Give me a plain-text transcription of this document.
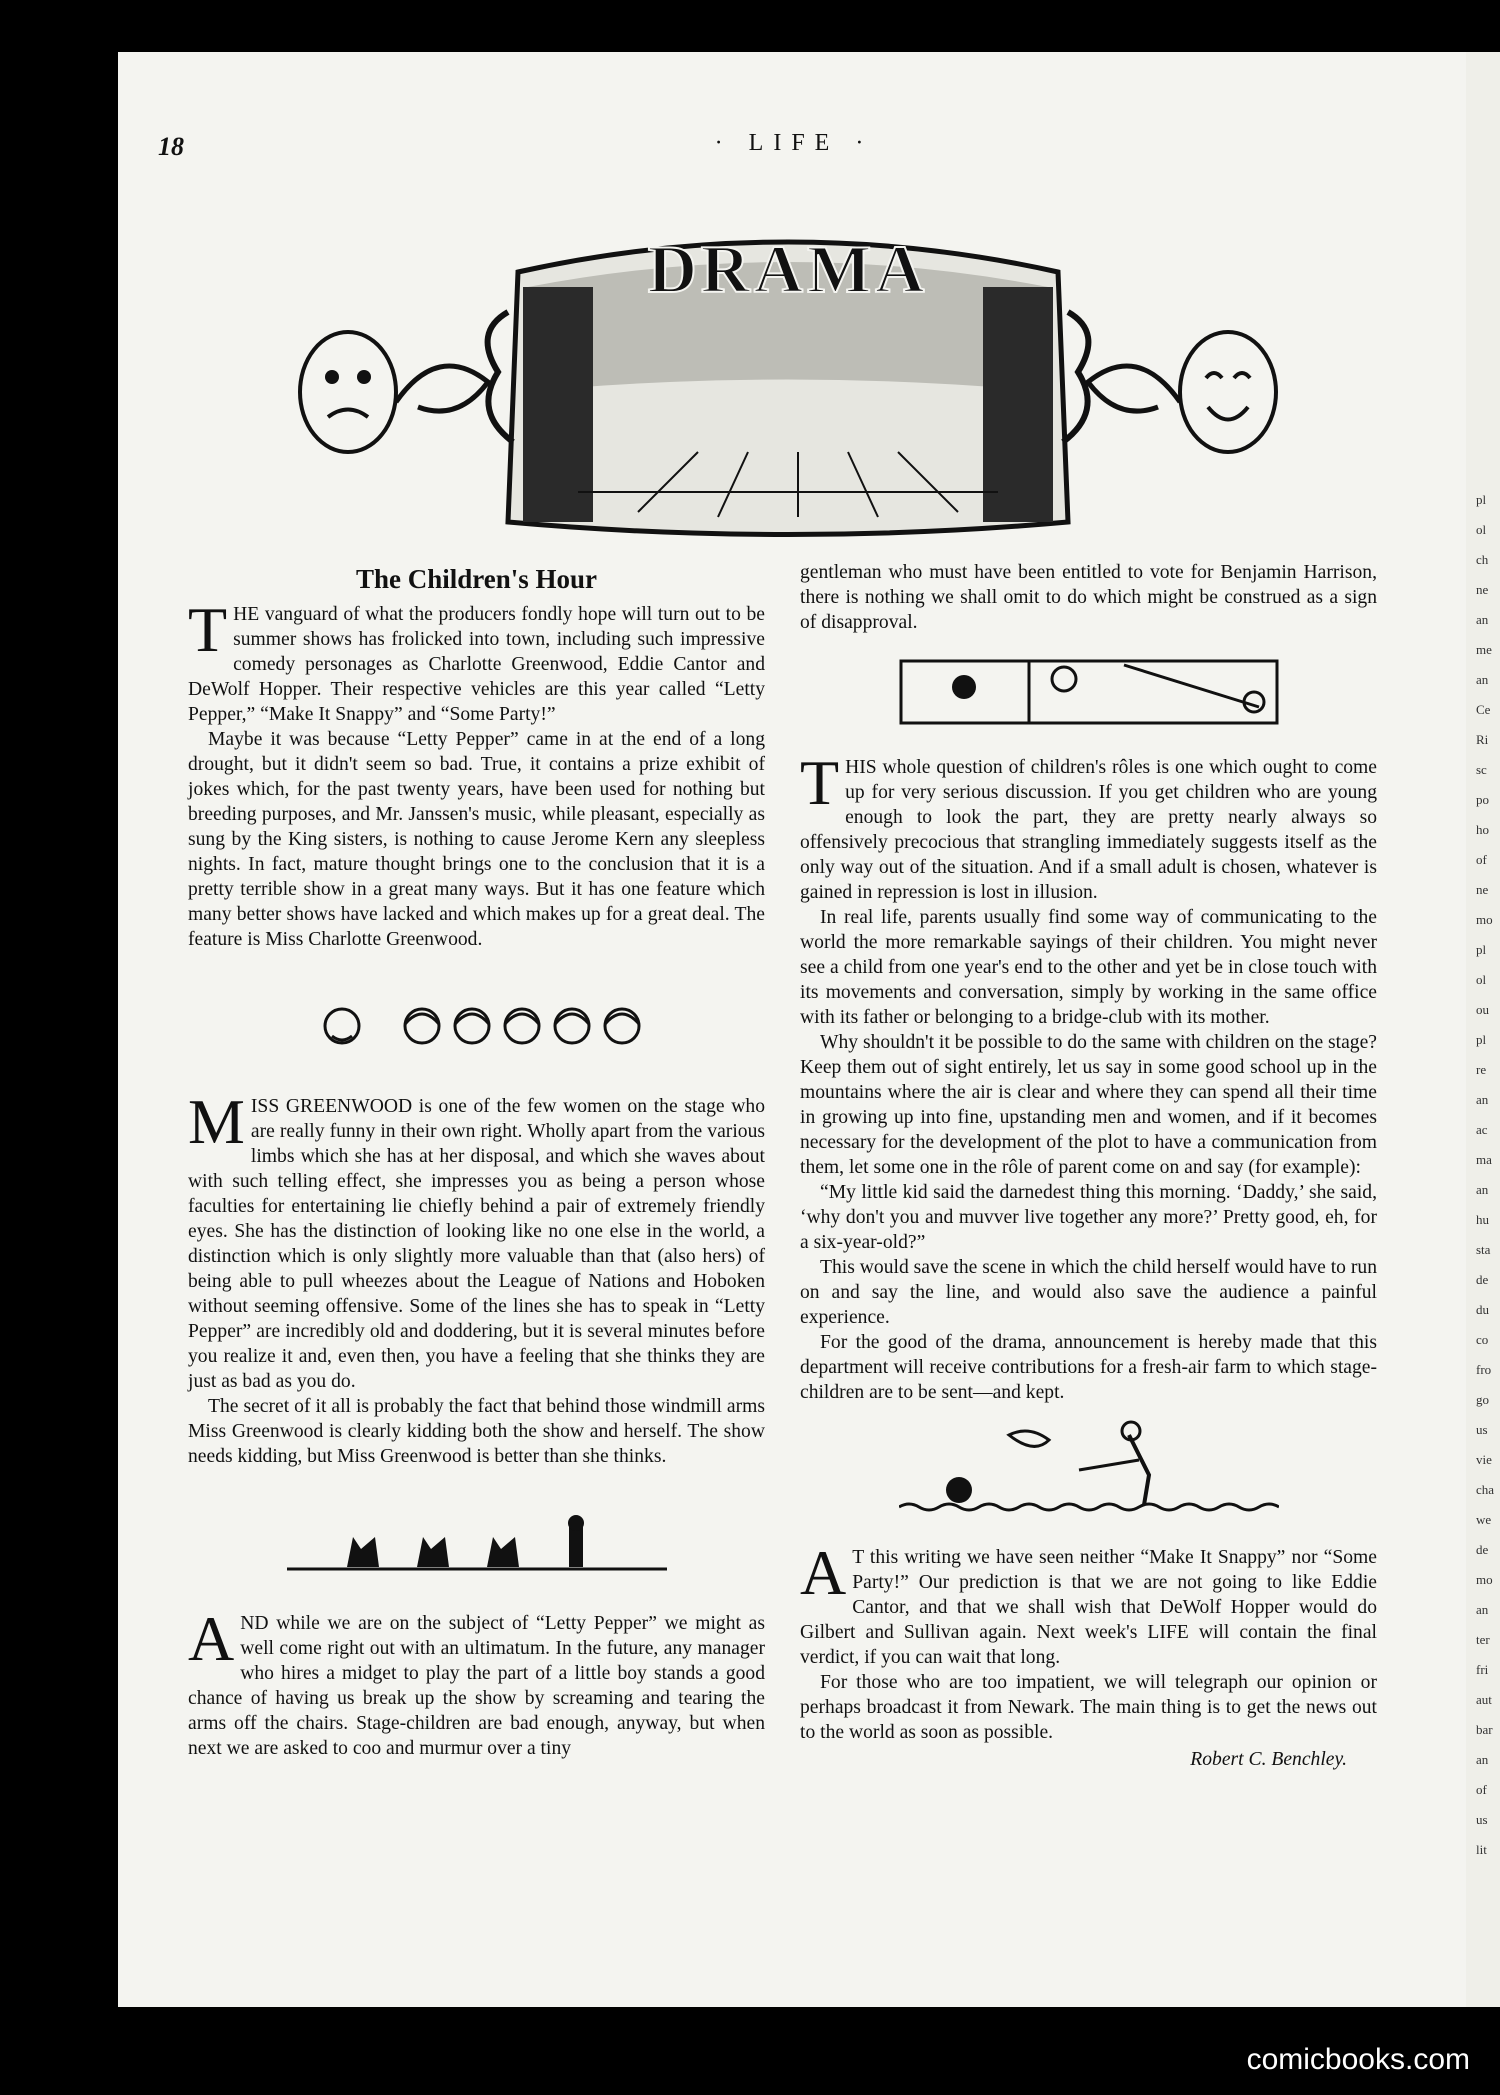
18	· LIFE ·
DRAMA
The Children's Hour

THE vanguard of what the producers fondly hope will turn out to be summer shows has frolicked into town, including such impressive comedy personages as Charlotte Greenwood, Eddie Cantor and DeWolf Hopper. Their respective vehicles are this year called “Letty Pepper,” “Make It Snappy” and “Some Party!”

Maybe it was because “Letty Pepper” came in at the end of a long drought, but it didn't seem so bad. True, it contains a prize exhibit of jokes which, for the past twenty years, have been used for nothing but breeding purposes, and Mr. Janssen's music, while pleasant, especially as sung by the King sisters, is nothing to cause Jerome Kern any sleepless nights. In fact, mature thought brings one to the conclusion that it is a pretty terrible show in a great many ways. But it has one feature which many better shows have lacked and which makes up for a great deal. The feature is Miss Charlotte Greenwood.

MISS GREENWOOD is one of the few women on the stage who are really funny in their own right. Wholly apart from the various limbs which she has at her disposal, and which she waves about with such telling effect, she impresses you as being a person whose faculties for entertaining lie chiefly behind a pair of extremely friendly eyes. She has the distinction of looking like no one else in the world, a distinction which is only slightly more valuable than that (also hers) of being able to pull wheezes about the League of Nations and Hoboken without seeming offensive. Some of the lines she has to speak in “Letty Pepper” are incredibly old and doddering, but it is several minutes before you realize it and, even then, you have a feeling that she thinks they are just as bad as you do.

The secret of it all is probably the fact that behind those windmill arms Miss Greenwood is clearly kidding both the show and herself. The show needs kidding, but Miss Greenwood is better than she thinks.

AND while we are on the subject of “Letty Pepper” we might as well come right out with an ultimatum. In the future, any manager who hires a midget to play the part of a little boy stands a good chance of having us break up the show by screaming and tearing the arms off the chairs. Stage-children are bad enough, anyway, but when next we are asked to coo and murmur over a tiny

gentleman who must have been entitled to vote for Benjamin Harrison, there is nothing we shall omit to do which might be construed as a sign of disapproval.

THIS whole question of children's rôles is one which ought to come up for very serious discussion. If you get children who are young enough to look the part, they are pretty nearly always so offensively precocious that strangling immediately suggests itself as the only way out of the situation. And if a small adult is chosen, whatever is gained in repression is lost in illusion.

In real life, parents usually find some way of communicating to the world the more remarkable sayings of their children. You might never see a child from one year's end to the other and yet be in close touch with its movements and conversation, simply by working in the same office with its father or belonging to a bridge-club with its mother.

Why shouldn't it be possible to do the same with children on the stage? Keep them out of sight entirely, let us say in some good school up in the mountains where the air is clear and where they can spend all their time in growing up into fine, upstanding men and women, and if it becomes necessary for the development of the plot to have a communication from them, let some one in the rôle of parent come on and say (for example):

“My little kid said the darnedest thing this morning. ‘Daddy,’ she said, ‘why don't you and muvver live together any more?’ Pretty good, eh, for a six-year-old?”

This would save the scene in which the child herself would have to run on and say the line, and would also save the audience a painful experience.

For the good of the drama, announcement is hereby made that this department will receive contributions for a fresh-air farm to which stage-children are to be sent—and kept.

AT this writing we have seen neither “Make It Snappy” nor “Some Party!” Our prediction is that we are not going to like Eddie Cantor, and that we shall wish that DeWolf Hopper would do Gilbert and Sullivan again. Next week's LIFE will contain the final verdict, if you can wait that long.

For those who are too impatient, we will telegraph our opinion or perhaps broadcast it from Newark. The main thing is to get the news out to the world as soon as possible.

Robert C. Benchley.
pl
ol
ch
ne
an
me
an
Ce
Ri
sc
po
ho
of
ne
mo
pl
ol
ou
pl
re
an
ac
ma
an
hu
sta
de
du
co
fro
go
us
vie
cha
we
de
mo
an
ter
fri
aut
bar
an
of
us
lit
comicbooks.com
